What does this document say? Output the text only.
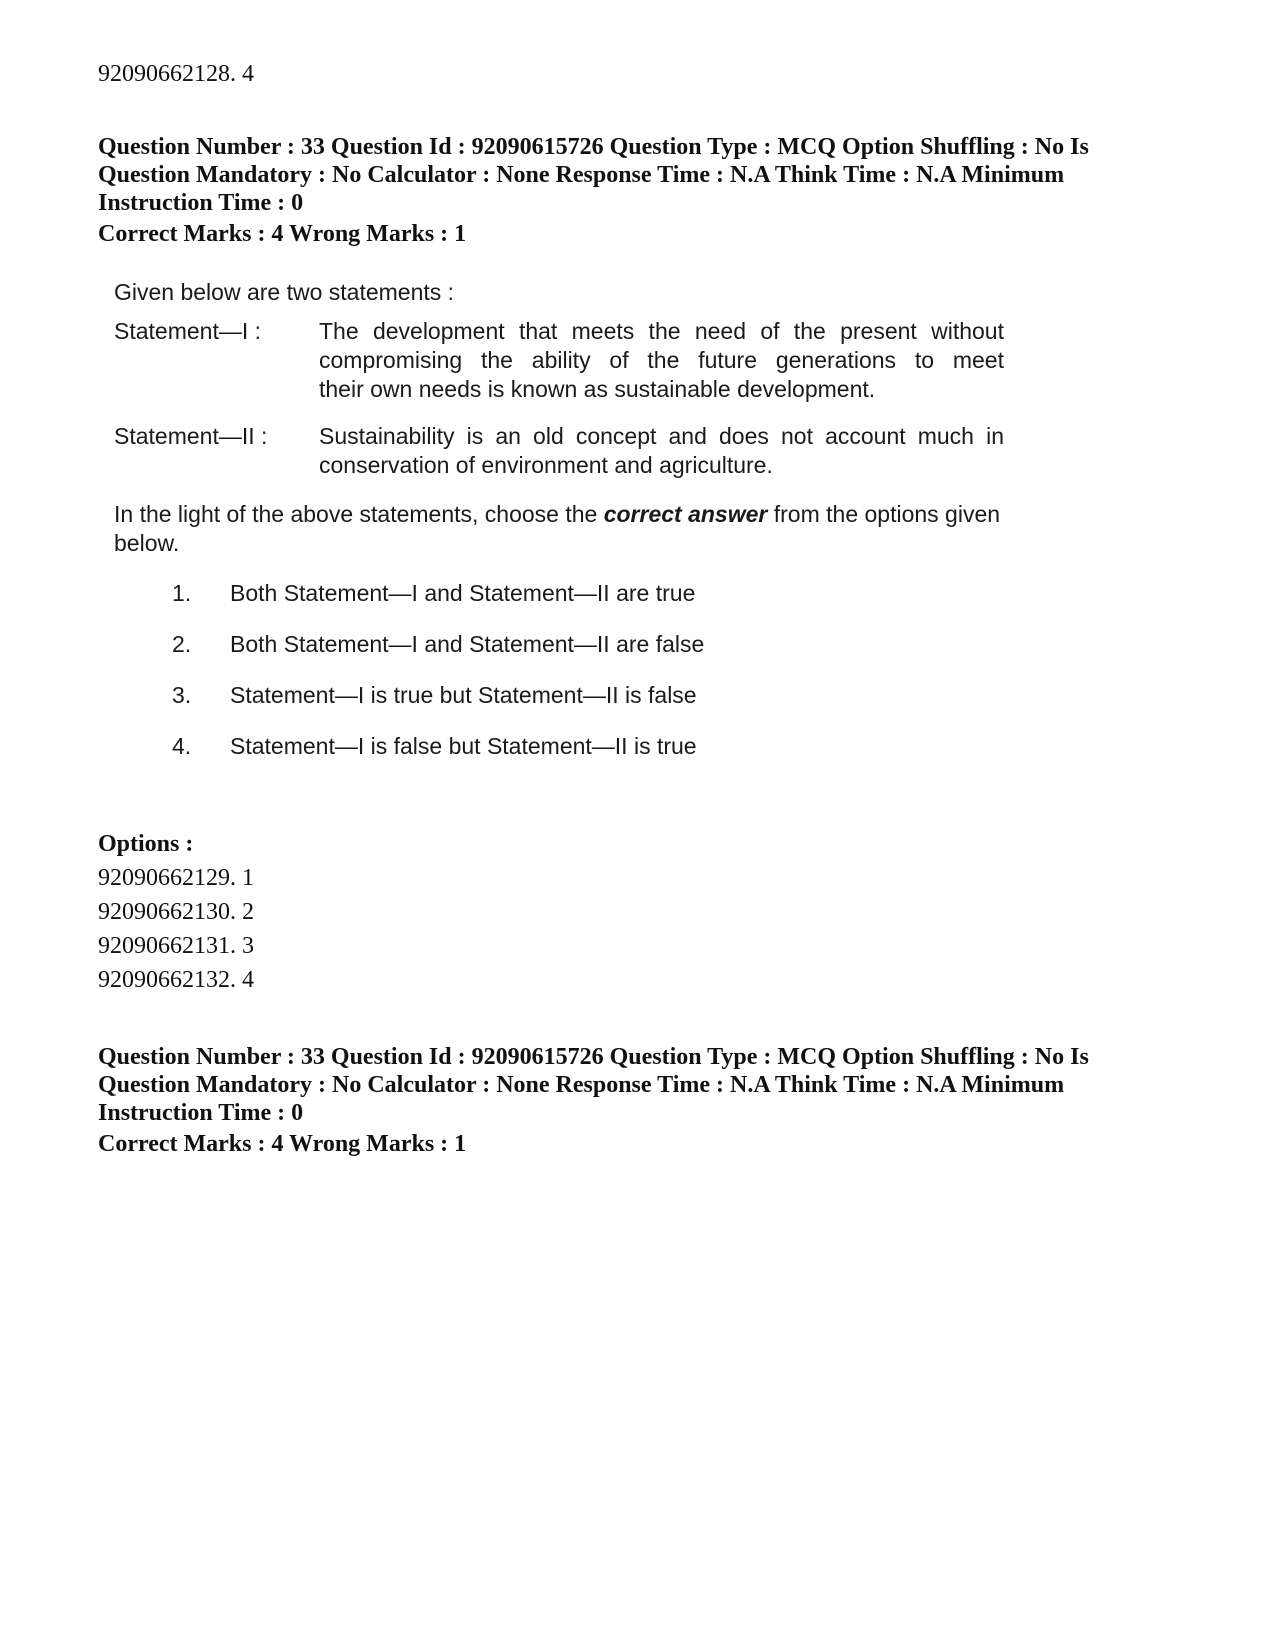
92090662128. 4
Question Number : 33 Question Id : 92090615726 Question Type : MCQ Option Shuffling : No Is
Question Mandatory : No Calculator : None Response Time : N.A Think Time : N.A Minimum
Instruction Time : 0
Correct Marks : 4 Wrong Marks : 1
Given below are two statements :
Statement—I :	The development that meets the need of the present without
compromising the ability of the future generations to meet
their own needs is known as sustainable development.
Statement—II : Sustainability is an old concept and does not account much in
conservation of environment and agriculture.
In the light of the above statements, choose the correct answer from the options given below.
1. Both Statement—I and Statement—II are true
2. Both Statement—I and Statement—II are false
3. Statement—I is true but Statement—II is false
4. Statement—I is false but Statement—II is true
Options :
92090662129. 1
92090662130. 2
92090662131. 3
92090662132. 4
Question Number : 33 Question Id : 92090615726 Question Type : MCQ Option Shuffling : No Is
Question Mandatory : No Calculator : None Response Time : N.A Think Time : N.A Minimum
Instruction Time : 0
Correct Marks : 4 Wrong Marks : 1
